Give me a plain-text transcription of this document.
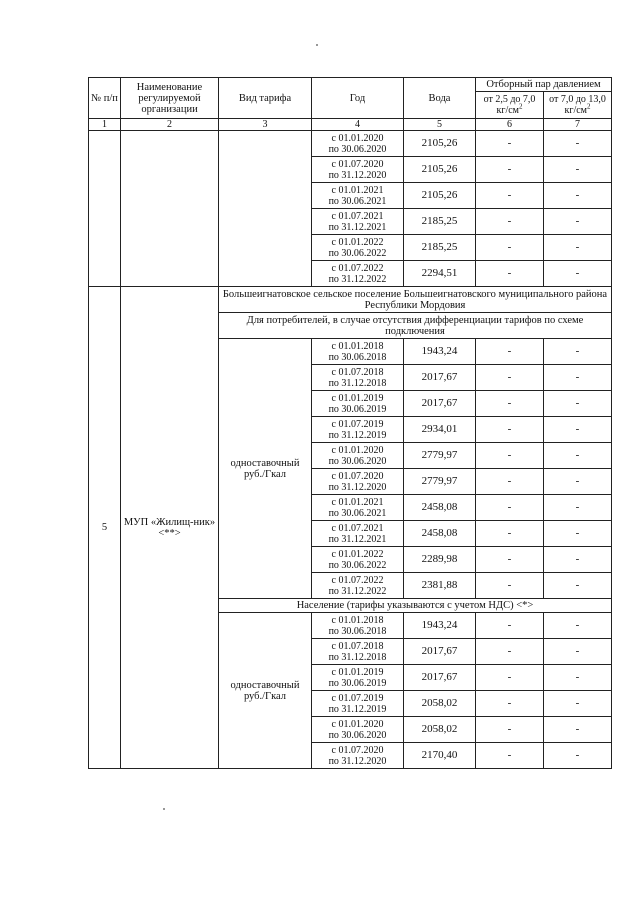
№ п/п	Наименование регулируемой организации	Вид тарифа	Год	Вода	Отборный пар давлением	
					от 2,5 до 7,0 $кг/см^2$	от 7,0 до 13,0 $кг/см^2$
1	2	3	4	5	6	7

			с 01.01.2020
по 30.06.2020	2105,26	-	-

			с 01.07.2020
по 31.12.2020	2105,26	-	-

			с 01.01.2021
по 30.06.2021	2105,26	-	-

			с 01.07.2021
по 31.12.2021	2185,25	-	-

			с 01.01.2022
по 30.06.2022	2185,25	-	-

			с 01.07.2022
по 31.12.2022	2294,51	-	-
5	МУП «Жилищ-ник» <**>	Большеигнатовское сельское поселение Большеигнатовского муниципального района Республики Мордовия				
		Для потребителей, в случае отсутствия дифференциации тарифов по схеме подключения				
		одноставочный руб./Гкал	с 01.01.2018
по 30.06.2018	1943,24	-	-

			с 01.07.2018
по 31.12.2018	2017,67	-	-

			с 01.01.2019
по 30.06.2019	2017,67	-	-

			с 01.07.2019
по 31.12.2019	2934,01	-	-

			с 01.01.2020
по 30.06.2020	2779,97	-	-

			с 01.07.2020
по 31.12.2020	2779,97	-	-

			с 01.01.2021
по 30.06.2021	2458,08	-	-

			с 01.07.2021
по 31.12.2021	2458,08	-	-

			с 01.01.2022
по 30.06.2022	2289,98	-	-

			с 01.07.2022
по 31.12.2022	2381,88	-	-
		Население (тарифы указываются с учетом НДС) <*>				
		одноставочный руб./Гкал	с 01.01.2018
по 30.06.2018	1943,24	-	-

			с 01.07.2018
по 31.12.2018	2017,67	-	-

			с 01.01.2019
по 30.06.2019	2017,67	-	-

			с 01.07.2019
по 31.12.2019	2058,02	-	-

			с 01.01.2020
по 30.06.2020	2058,02	-	-

			с 01.07.2020
по 31.12.2020	2170,40	-	-
